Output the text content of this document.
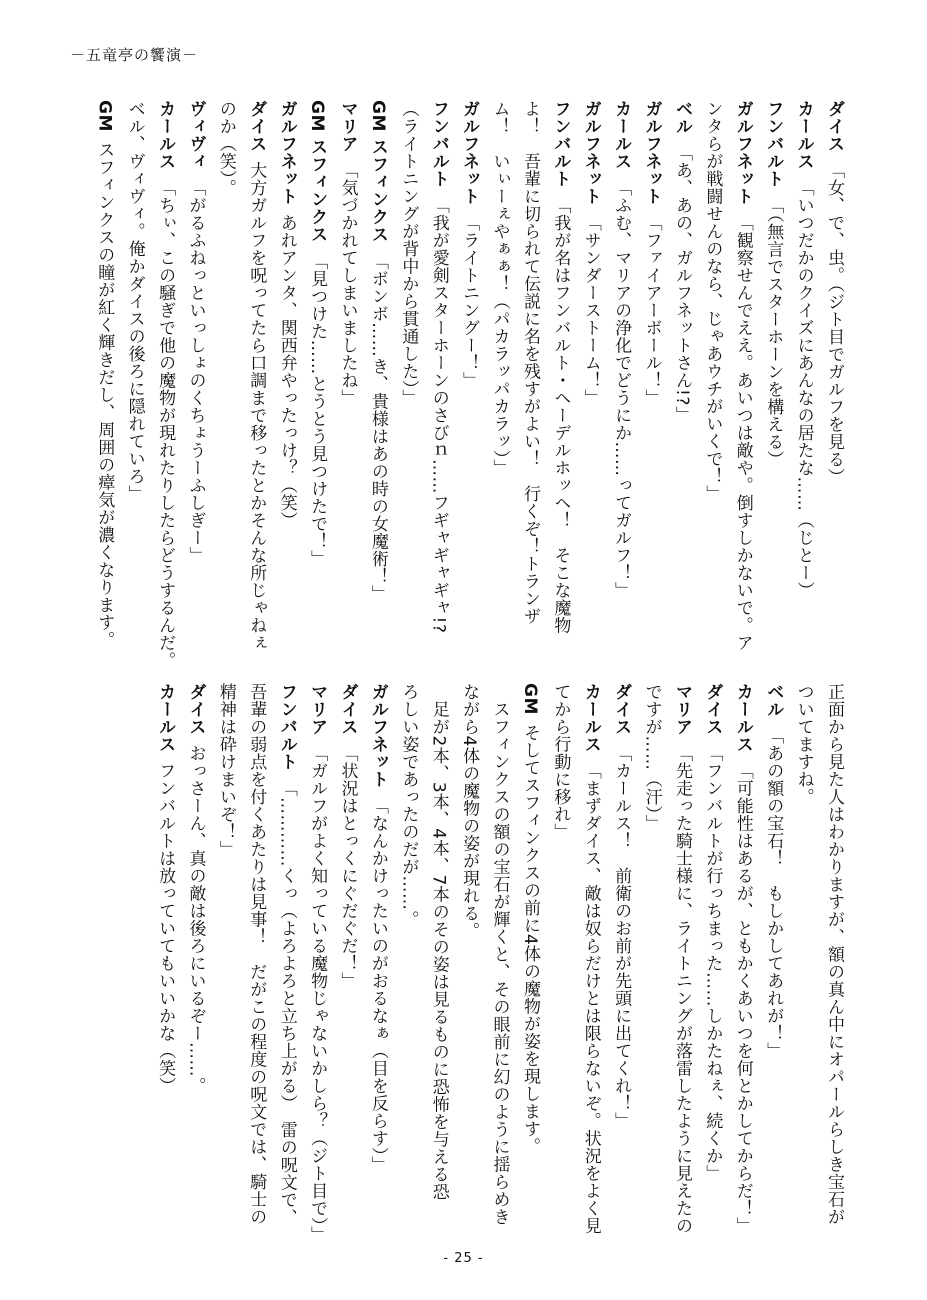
－五竜亭の饗演－
ダイス 「女、で、虫。（ジト目でガルフを見る）
カールス 「いつだかのクイズにあんなの居たな……（じとー）
フンバルト 「（無言でスターホーンを構える）
ガルフネット 「観察せんでええ。あいつは敵や。倒すしかないで。ア
ンタらが戦闘せんのなら、じゃあウチがいくで！」
ベル 「あ、あの、ガルフネットさん!?」
ガルフネット 「ファイアーボール！」
カールス 「ふむ、マリアの浄化でどうにか……ってガルフ！」
ガルフネット 「サンダーストーム！」
フンバルト 「我が名はフンバルト・ヘーデルホッヘ！　そこな魔物
よ！　吾輩に切られて伝説に名を残すがよい！　行くぞ！トランザ
ム！　いぃーぇやぁぁ！（パカラッパカラッ）」
ガルフネット 「ライトニングー！」
フンバルト 「我が愛剣スターホーンのさびｎ……フギャギャギャ!?
（ライトニングが背中から貫通した）」
GM スフィンクス 「ボンボ……き、貴様はあの時の女魔術！」
マリア 「気づかれてしまいましたね」
GM スフィンクス 「見つけた……とうとう見つけたで！」
ガルフネット あれアンタ、関西弁やったっけ？（笑）
ダイス 大方ガルフを呪ってたら口調まで移ったとかそんな所じゃねぇ
のか（笑）。
ヴィヴィ 「がるふねっといっしょのくちょうーふしぎー」
カールス 「ちぃ、この騒ぎで他の魔物が現れたりしたらどうするんだ。
ベル、ヴィヴィ。俺かダイスの後ろに隠れていろ」
GM スフィンクスの瞳が紅く輝きだし、周囲の瘴気が濃くなります。
正面から見た人はわかりますが、額の真ん中にオパールらしき宝石が
ついてますね。
ベル 「あの額の宝石！　もしかしてあれが！」
カールス 「可能性はあるが、ともかくあいつを何とかしてからだ！」
ダイス 「フンバルトが行っちまった……しかたねぇ、続くか」
マリア 「先走った騎士様に、ライトニングが落雷したように見えたの
ですが……（汗）」
ダイス 「カールス！　前衛のお前が先頭に出てくれ！」
カールス 「まずダイス、敵は奴らだけとは限らないぞ。状況をよく見
てから行動に移れ」
GM そしてスフィンクスの前に4体の魔物が姿を現します。
　スフィンクスの額の宝石が輝くと、その眼前に幻のように揺らめき
ながら4体の魔物の姿が現れる。
　足が2本、3本、4本、7本のその姿は見るものに恐怖を与える恐
ろしい姿であったのだが……。
ガルフネット 「なんかけったいのがおるなぁ（目を反らす）」
ダイス 「状況はとっくにぐだぐだ！」
マリア 「ガルフがよく知っている魔物じゃないかしら？（ジト目で）」
フンバルト 「…………くっ（よろよろと立ち上がる）　雷の呪文で、
吾輩の弱点を付くあたりは見事！　だがこの程度の呪文では、騎士の
精神は砕けまいぞ！」
ダイス おっさーん、真の敵は後ろにいるぞー……。
カールス フンバルトは放っていてもいいかな（笑）
- 25 -
